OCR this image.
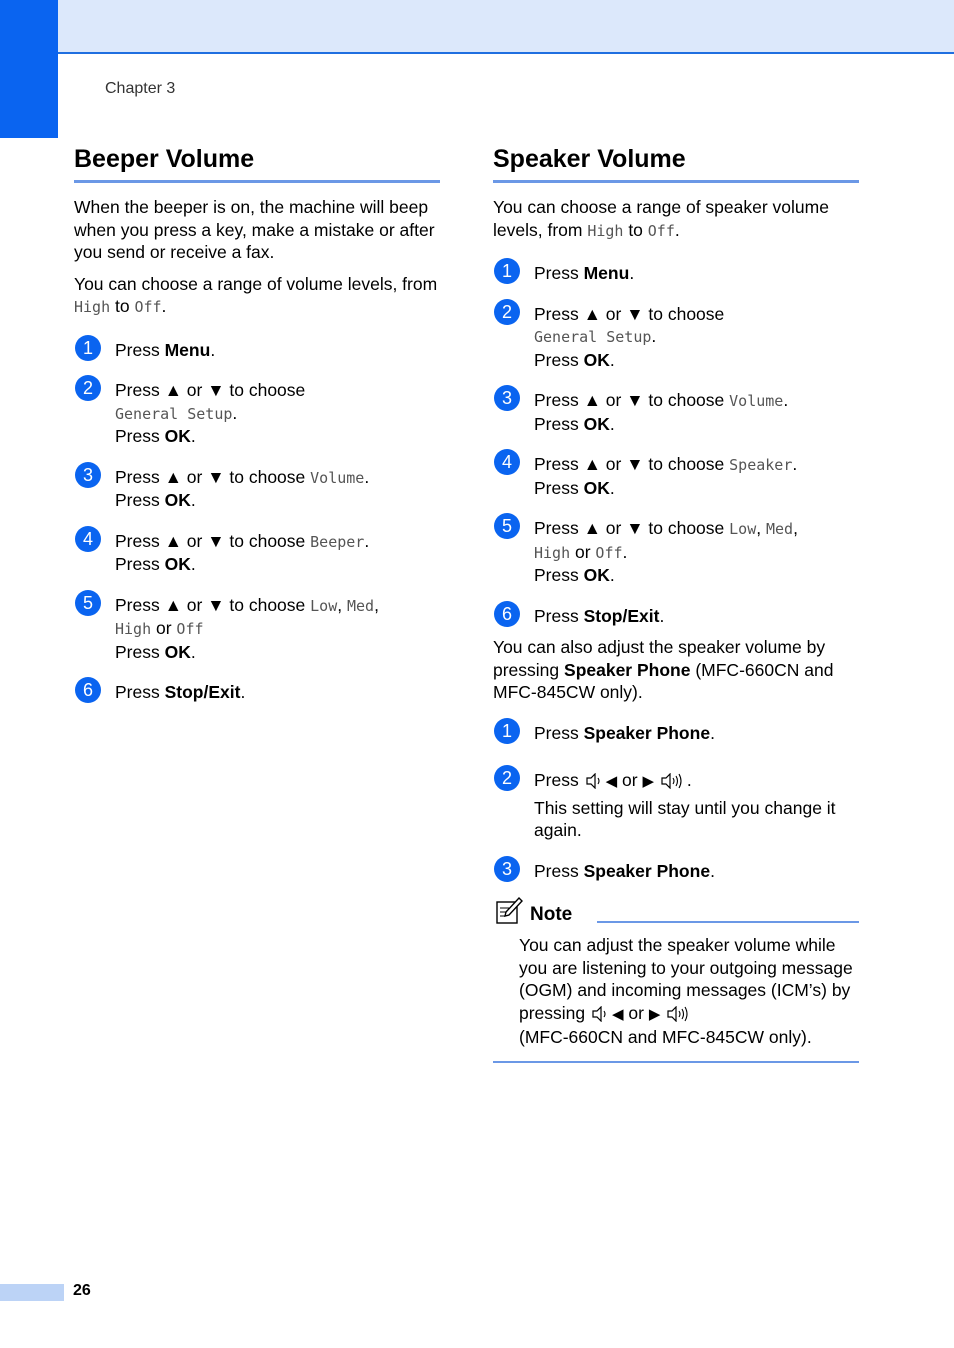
Chapter 3
Beeper Volume

When the beeper is on, the machine will beep when you press a key, make a mistake or after you send or receive a fax.

You can choose a range of volume levels, from High to Off.

1	Press Menu.

2	Press ▲ or ▼ to choose

General Setup.

Press OK.

3	Press ▲ or ▼ to choose Volume.

Press OK.

4	Press ▲ or ▼ to choose Beeper.

Press OK.

5	Press ▲ or ▼ to choose Low, Med,

High or Off

Press OK.

6	Press Stop/Exit.

Speaker Volume

You can choose a range of speaker volume levels, from High to Off.

1	Press Menu.

2	Press ▲ or ▼ to choose

General Setup.

Press OK.

3	Press ▲ or ▼ to choose Volume.

Press OK.

4	Press ▲ or ▼ to choose Speaker.

Press OK.

5	Press ▲ or ▼ to choose Low, Med,

High or Off.

Press OK.

6	Press Stop/Exit.

You can also adjust the speaker volume by pressing Speaker Phone (MFC-660CN and MFC-845CW only).

1	Press Speaker Phone.

2	Press ◀ or ▶ .

This setting will stay until you change it again.

3	Press Speaker Phone.

Note

You can adjust the speaker volume while you are listening to your outgoing message (OGM) and incoming messages (ICM’s) by pressing ◀ or ▶

(MFC-660CN and MFC-845CW only).

26
